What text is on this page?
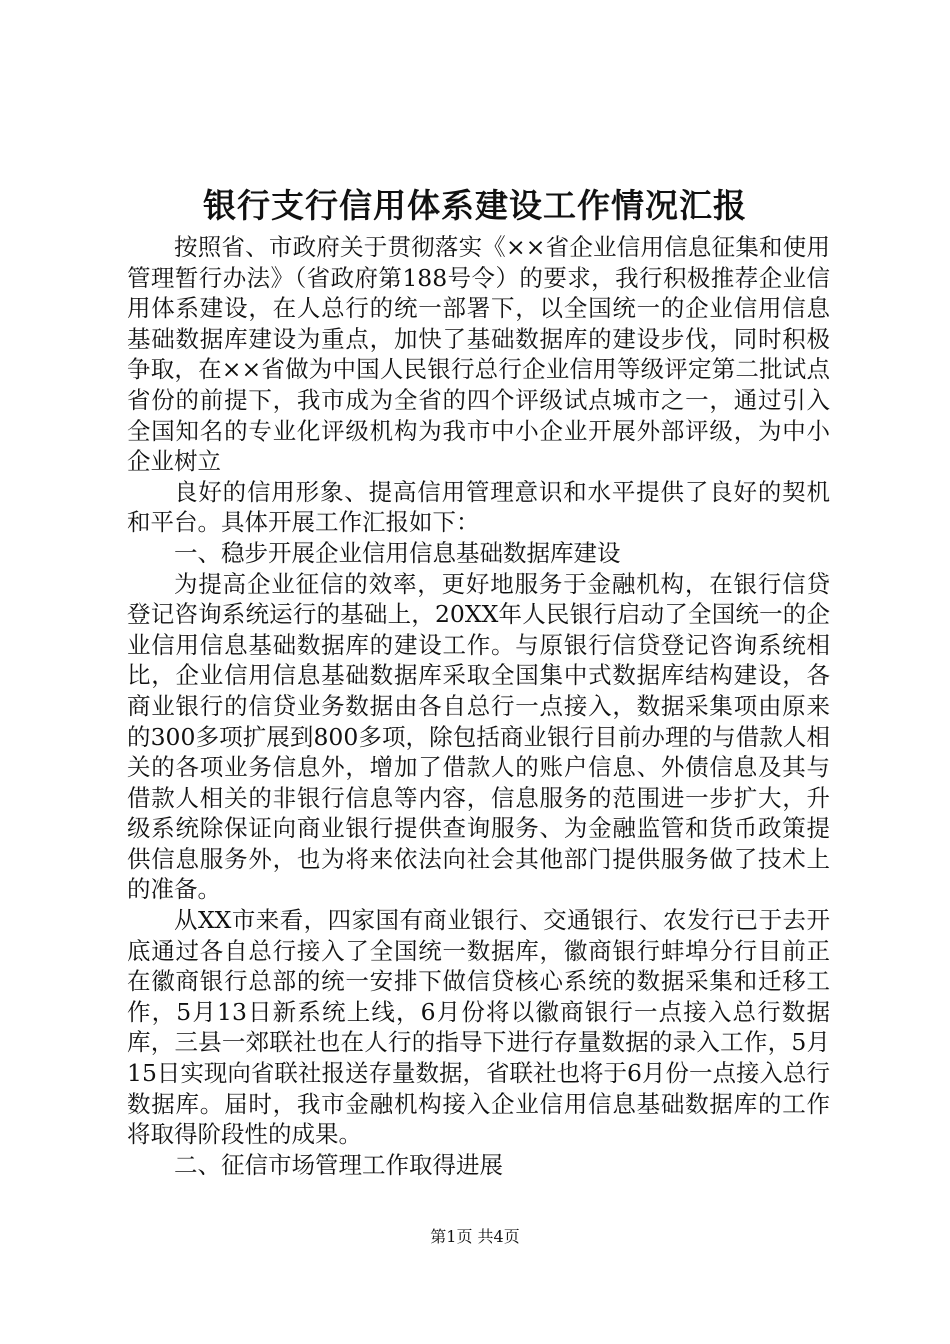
银行支行信用体系建设工作情况汇报

按照省、市政府关于贯彻落实《××省企业信用信息征集和使用管理暂行办法》（省政府第188号令）的要求，我行积极推荐企业信用体系建设，在人总行的统一部署下，以全国统一的企业信用信息基础数据库建设为重点，加快了基础数据库的建设步伐，同时积极争取，在××省做为中国人民银行总行企业信用等级评定第二批试点省份的前提下，我市成为全省的四个评级试点城市之一，通过引入全国知名的专业化评级机构为我市中小企业开展外部评级，为中小企业树立

良好的信用形象、提高信用管理意识和水平提供了良好的契机和平台。具体开展工作汇报如下：

一、稳步开展企业信用信息基础数据库建设

为提高企业征信的效率，更好地服务于金融机构，在银行信贷登记咨询系统运行的基础上，20XX年人民银行启动了全国统一的企业信用信息基础数据库的建设工作。与原银行信贷登记咨询系统相比，企业信用信息基础数据库采取全国集中式数据库结构建设，各商业银行的信贷业务数据由各自总行一点接入，数据采集项由原来的300多项扩展到800多项，除包括商业银行目前办理的与借款人相关的各项业务信息外，增加了借款人的账户信息、外债信息及其与借款人相关的非银行信息等内容，信息服务的范围进一步扩大，升级系统除保证向商业银行提供查询服务、为金融监管和货币政策提供信息服务外，也为将来依法向社会其他部门提供服务做了技术上的准备。

从XX市来看，四家国有商业银行、交通银行、农发行已于去开底通过各自总行接入了全国统一数据库，徽商银行蚌埠分行目前正在徽商银行总部的统一安排下做信贷核心系统的数据采集和迁移工作，5月13日新系统上线，6月份将以徽商银行一点接入总行数据库，三县一郊联社也在人行的指导下进行存量数据的录入工作，5月15日实现向省联社报送存量数据，省联社也将于6月份一点接入总行数据库。届时，我市金融机构接入企业信用信息基础数据库的工作将取得阶段性的成果。

二、征信市场管理工作取得进展

第1页 共4页
